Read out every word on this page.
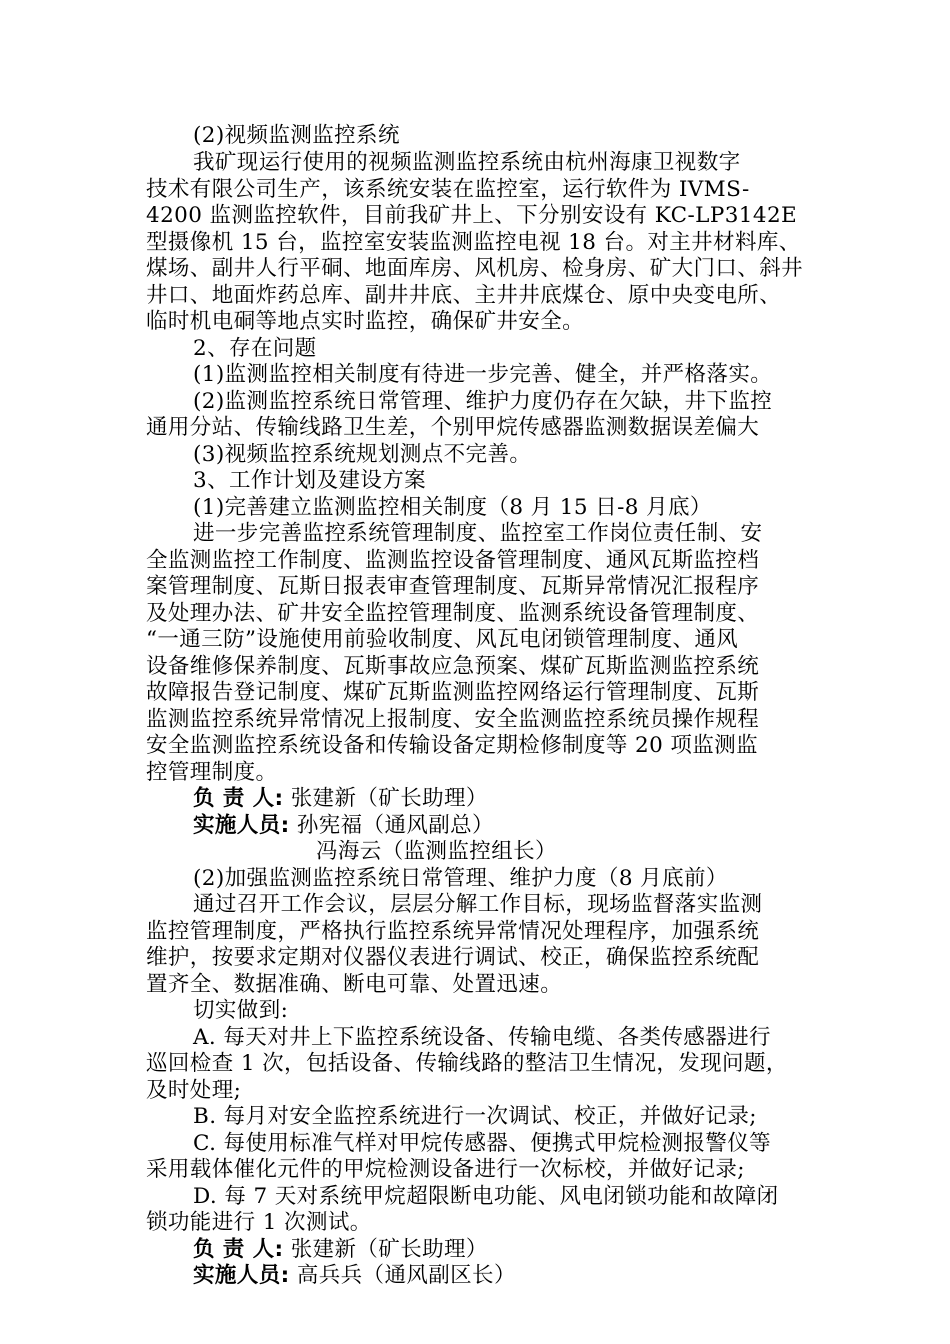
(2)视频监测监控系统
我矿现运行使用的视频监测监控系统由杭州海康卫视数字
技术有限公司生产，该系统安装在监控室，运行软件为 IVMS-
4200 监测监控软件，目前我矿井上、下分别安设有 KC-LP3142E
型摄像机 15 台，监控室安装监测监控电视 18 台。对主井材料库、
煤场、副井人行平硐、地面库房、风机房、检身房、矿大门口、斜井
井口、地面炸药总库、副井井底、主井井底煤仓、原中央变电所、
临时机电硐等地点实时监控，确保矿井安全。
2、存在问题
(1)监测监控相关制度有待进一步完善、健全，并严格落实。
(2)监测监控系统日常管理、维护力度仍存在欠缺，井下监控
通用分站、传输线路卫生差，个别甲烷传感器监测数据误差偏大
(3)视频监控系统规划测点不完善。
3、工作计划及建设方案
(1)完善建立监测监控相关制度（8 月 15 日-8 月底）
进一步完善监控系统管理制度、监控室工作岗位责任制、安
全监测监控工作制度、监测监控设备管理制度、通风瓦斯监控档
案管理制度、瓦斯日报表审查管理制度、瓦斯异常情况汇报程序
及处理办法、矿井安全监控管理制度、监测系统设备管理制度、
“一通三防”设施使用前验收制度、风瓦电闭锁管理制度、通风
设备维修保养制度、瓦斯事故应急预案、煤矿瓦斯监测监控系统
故障报告登记制度、煤矿瓦斯监测监控网络运行管理制度、瓦斯
监测监控系统异常情况上报制度、安全监测监控系统员操作规程
安全监测监控系统设备和传输设备定期检修制度等 20 项监测监
控管理制度。
负 责 人: 张建新（矿长助理）
实施人员: 孙宪福（通风副总）
冯海云（监测监控组长）
(2)加强监测监控系统日常管理、维护力度（8 月底前）
通过召开工作会议，层层分解工作目标，现场监督落实监测
监控管理制度，严格执行监控系统异常情况处理程序，加强系统
维护，按要求定期对仪器仪表进行调试、校正，确保监控系统配
置齐全、数据准确、断电可靠、处置迅速。
切实做到:
A. 每天对井上下监控系统设备、传输电缆、各类传感器进行
巡回检查 1 次，包括设备、传输线路的整洁卫生情况，发现问题，
及时处理;
B. 每月对安全监控系统进行一次调试、校正，并做好记录;
C. 每使用标准气样对甲烷传感器、便携式甲烷检测报警仪等
采用载体催化元件的甲烷检测设备进行一次标校，并做好记录;
D. 每 7 天对系统甲烷超限断电功能、风电闭锁功能和故障闭
锁功能进行 1 次测试。
负 责 人: 张建新（矿长助理）
实施人员: 高兵兵（通风副区长）
